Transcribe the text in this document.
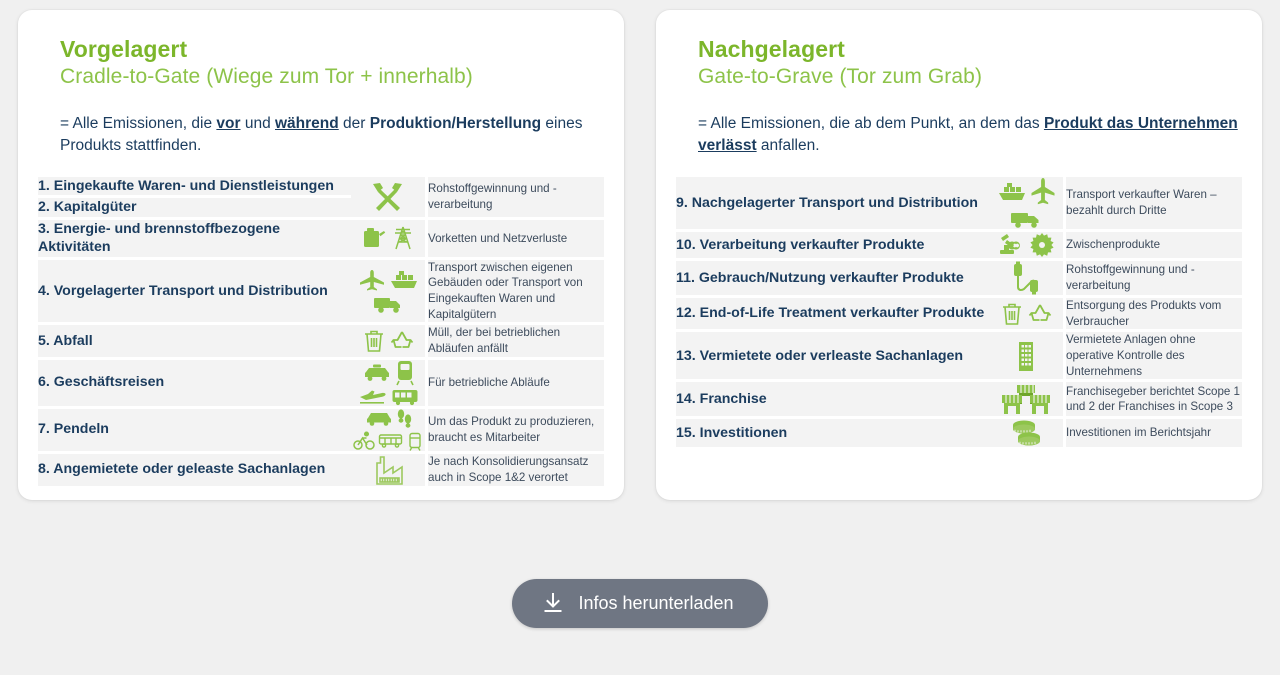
Vorgelagert
Cradle-to-Gate (Wiege zum Tor + innerhalb)
= Alle Emissionen, die vor und während der Produktion/Herstellung eines Produkts stattfinden.
1. Eingekaufte Waren- und Dienstleistungen		Rohstoffgewinnung und -verarbeitung
2. Kapitalgüter		
3. Energie- und brennstoffbezogene Aktivitäten		Vorketten und Netzverluste
4. Vorgelagerter Transport und Distribution		Transport zwischen eigenen Gebäuden oder Transport von Eingekauften Waren und Kapitalgütern
5. Abfall		Müll, der bei betrieblichen Abläufen anfällt
6. Geschäftsreisen		Für betriebliche Abläufe
7. Pendeln		Um das Produkt zu produzieren, braucht es Mitarbeiter
8. Angemietete oder geleaste Sachanlagen		Je nach Konsolidierungsansatz auch in Scope 1&2 verortet
Nachgelagert
Gate-to-Grave (Tor zum Grab)
= Alle Emissionen, die ab dem Punkt, an dem das Produkt das Unternehmen verlässt anfallen.
9. Nachgelagerter Transport und Distribution		Transport verkaufter Waren – bezahlt durch Dritte
10. Verarbeitung verkaufter Produkte		Zwischenprodukte
11. Gebrauch/Nutzung verkaufter Produkte		Rohstoffgewinnung und -verarbeitung
12. End-of-Life Treatment verkaufter Produkte		Entsorgung des Produkts vom Verbraucher
13. Vermietete oder verleaste Sachanlagen		Vermietete Anlagen ohne operative Kontrolle des Unternehmens
14. Franchise		Franchisegeber berichtet Scope 1 und 2 der Franchises in Scope 3
15. Investitionen		Investitionen im Berichtsjahr
Infos herunterladen
